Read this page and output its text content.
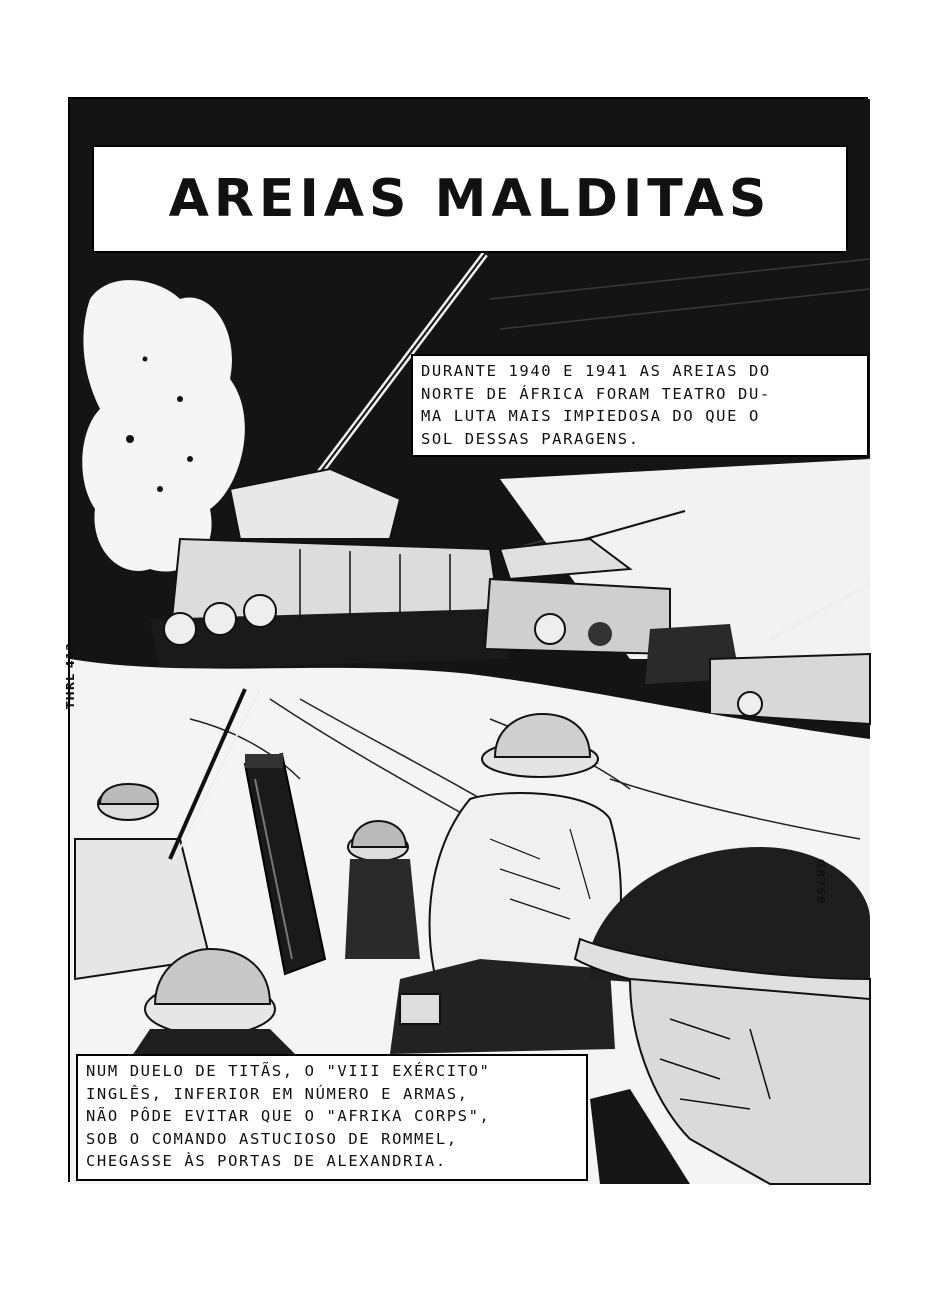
AREIAS MALDITAS
DURANTE 1940 E 1941 AS AREIAS DO
NORTE DE ÁFRICA FORAM TEATRO DU-
MA LUTA MAIS IMPIEDOSA DO QUE O
SOL DESSAS PARAGENS.
NUM DUELO DE TITÃS, O "VIII EXÉRCITO"
INGLÊS, INFERIOR EM NÚMERO E ARMAS,
NÃO PÔDE EVITAR QUE O "AFRIKA CORPS",
SOB O COMANDO ASTUCIOSO DE ROMMEL,
CHEGASSE ÀS PORTAS DE ALEXANDRIA.
THRL 412
GR758
